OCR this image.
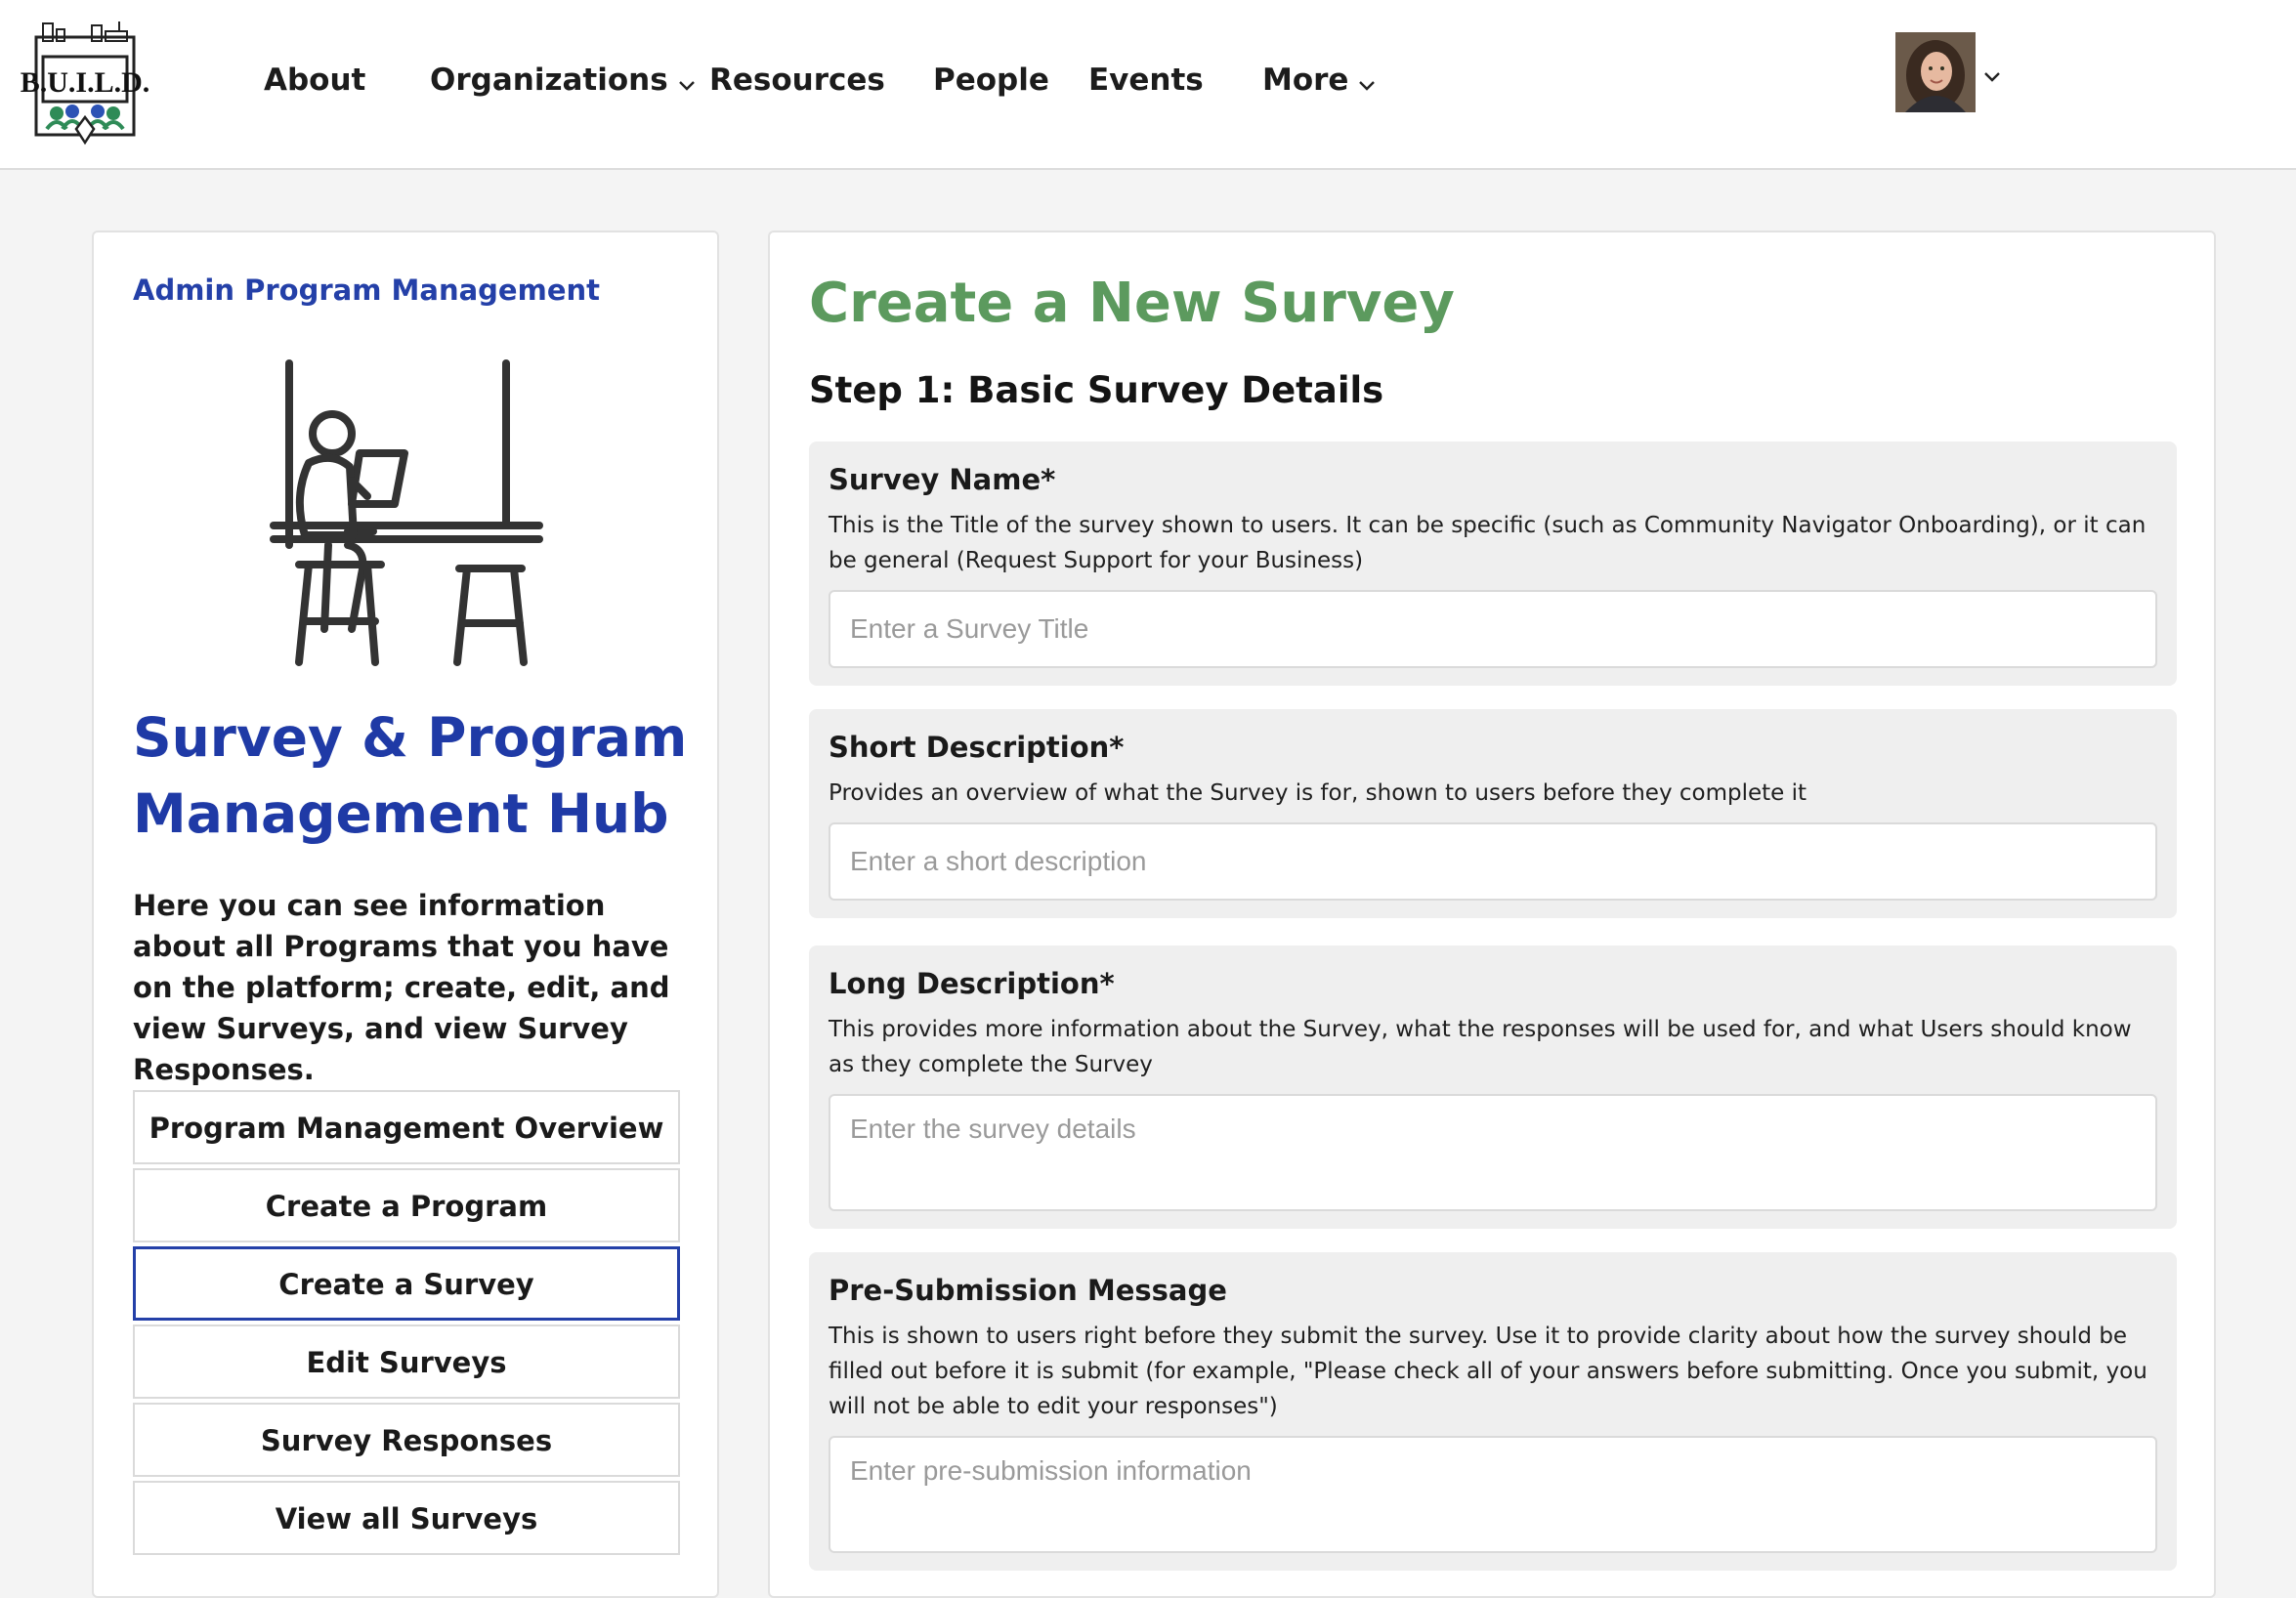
B.U.I.L.D.	About Organizations	Resources People Events More
Admin Program Management
Survey & Program Management Hub

Here you can see information about all Programs that you have on the platform; create, edit, and view Surveys, and view Survey Responses.

Program Management Overview
Create a Program
Create a Survey
Edit Surveys
Survey Responses
View all Surveys
Create a New Survey
Step 1: Basic Survey Details
Survey Name*
This is the Title of the survey shown to users. It can be specific (such as Community Navigator Onboarding), or it can be general (Request Support for your Business)
Enter a Survey Title
Short Description*
Provides an overview of what the Survey is for, shown to users before they complete it
Enter a short description
Long Description*
This provides more information about the Survey, what the responses will be used for, and what Users should know as they complete the Survey
Enter the survey details
Pre-Submission Message
This is shown to users right before they submit the survey. Use it to provide clarity about how the survey should be filled out before it is submit (for example, "Please check all of your answers before submitting. Once you submit, you will not be able to edit your responses")
Enter pre-submission information
